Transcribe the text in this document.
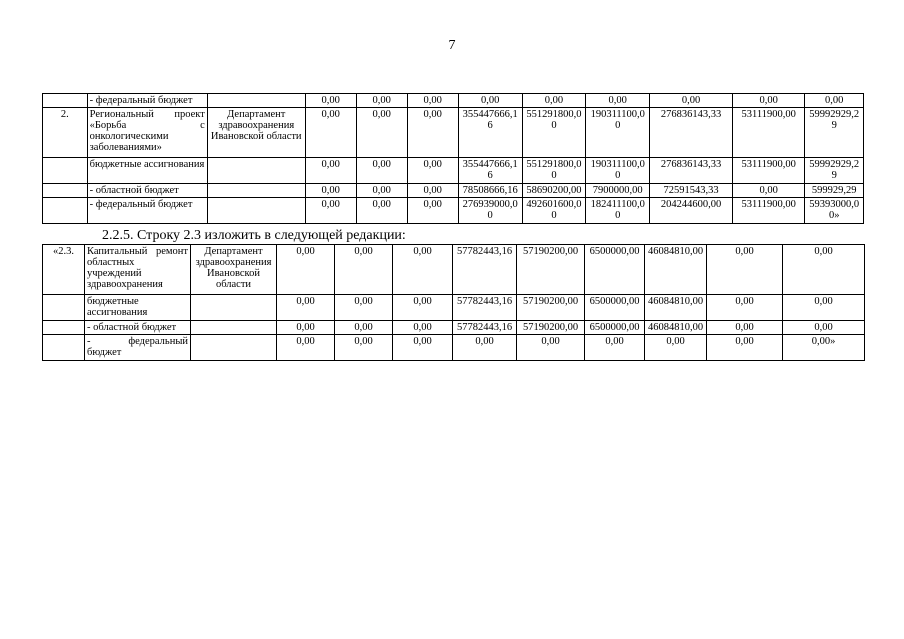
7
	- федеральный бюджет		0,00	0,00	0,00	0,00	0,00	0,00	0,00	0,00	0,00
2.	Региональный проект «Борьба с онкологическими заболеваниями»	Департамент здравоохранения Ивановской области	0,00	0,00	0,00	355447666,16	551291800,00	190311100,00	276836143,33	53111900,00	59992929,29
	бюджетные ассигнования		0,00	0,00	0,00	355447666,16	551291800,00	190311100,00	276836143,33	53111900,00	59992929,29
	- областной бюджет		0,00	0,00	0,00	78508666,16	58690200,00	7900000,00	72591543,33	0,00	599929,29
	- федеральный бюджет		0,00	0,00	0,00	276939000,00	492601600,00	182411100,00	204244600,00	53111900,00	59393000,00»
2.2.5. Строку 2.3 изложить в следующей редакции:
«2.3.	Капитальный ремонт областных учреждений здравоохранения	Департамент здравоохранения Ивановской области	0,00	0,00	0,00	57782443,16	57190200,00	6500000,00	46084810,00	0,00	0,00
	бюджетные ассигнования		0,00	0,00	0,00	57782443,16	57190200,00	6500000,00	46084810,00	0,00	0,00
	- областной бюджет		0,00	0,00	0,00	57782443,16	57190200,00	6500000,00	46084810,00	0,00	0,00
	- федеральный бюджет		0,00	0,00	0,00	0,00	0,00	0,00	0,00	0,00	0,00»
